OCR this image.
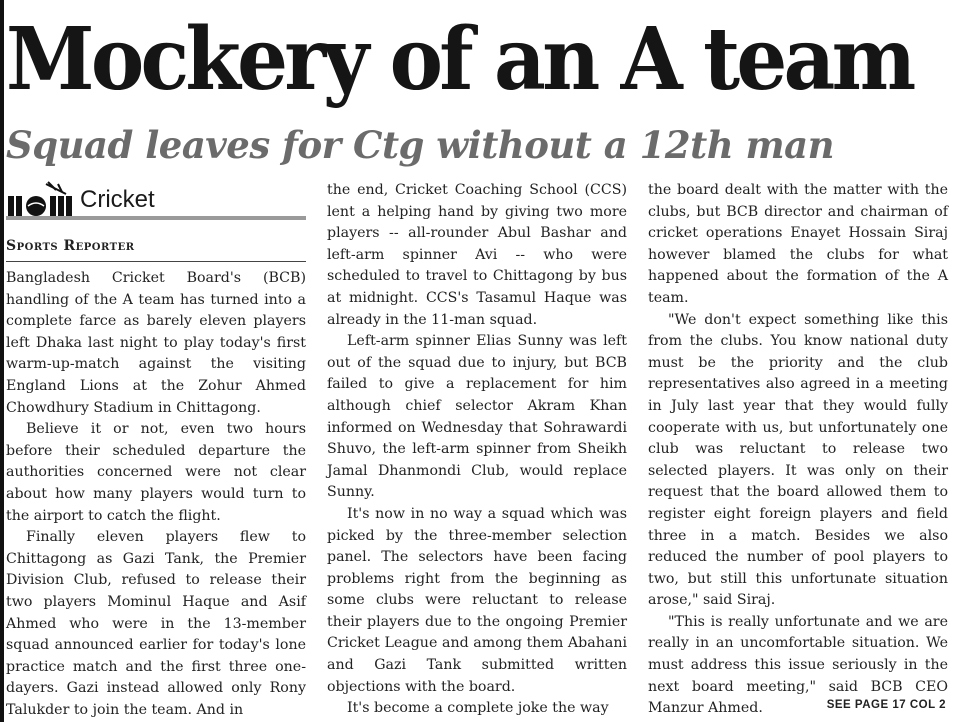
Mockery of an A team
Squad leaves for Ctg without a 12th man
Cricket
Sports Reporter

Bangladesh Cricket Board's (BCB) handling of the A team has turned into a complete farce as barely eleven players left Dhaka last night to play today's first warm-up-match against the visiting England Lions at the Zohur Ahmed Chowdhury Stadium in Chittagong.

Believe it or not, even two hours before their scheduled departure the authorities concerned were not clear about how many players would turn to the airport to catch the flight.

Finally eleven players flew to Chittagong as Gazi Tank, the Premier Division Club, refused to release their two players Mominul Haque and Asif Ahmed who were in the 13-member squad announced earlier for today's lone practice match and the first three one-dayers. Gazi instead allowed only Rony Talukder to join the team. And in

the end, Cricket Coaching School (CCS) lent a helping hand by giving two more players -- all-rounder Abul Bashar and left-arm spinner Avi -- who were scheduled to travel to Chittagong by bus at midnight. CCS's Tasamul Haque was already in the 11-man squad.

Left-arm spinner Elias Sunny was left out of the squad due to injury, but BCB failed to give a replacement for him although chief selector Akram Khan informed on Wednesday that Sohrawardi Shuvo, the left-arm spinner from Sheikh Jamal Dhanmondi Club, would replace Sunny.

It's now in no way a squad which was picked by the three-member selection panel. The selectors have been facing problems right from the beginning as some clubs were reluctant to release their players due to the ongoing Premier Cricket League and among them Abahani and Gazi Tank submitted written objections with the board.

It's become a complete joke the way

the board dealt with the matter with the clubs, but BCB director and chairman of cricket operations Enayet Hossain Siraj however blamed the clubs for what happened about the formation of the A team.

"We don't expect something like this from the clubs. You know national duty must be the priority and the club representatives also agreed in a meeting in July last year that they would fully cooperate with us, but unfortunately one club was reluctant to release two selected players. It was only on their request that the board allowed them to register eight foreign players and field three in a match. Besides we also reduced the number of pool players to two, but still this unfortunate situation arose," said Siraj.

"This is really unfortunate and we are really in an uncomfortable situation. We must address this issue seriously in the next board meeting," said BCB CEO Manzur Ahmed.	SEE PAGE 17 COL 2
